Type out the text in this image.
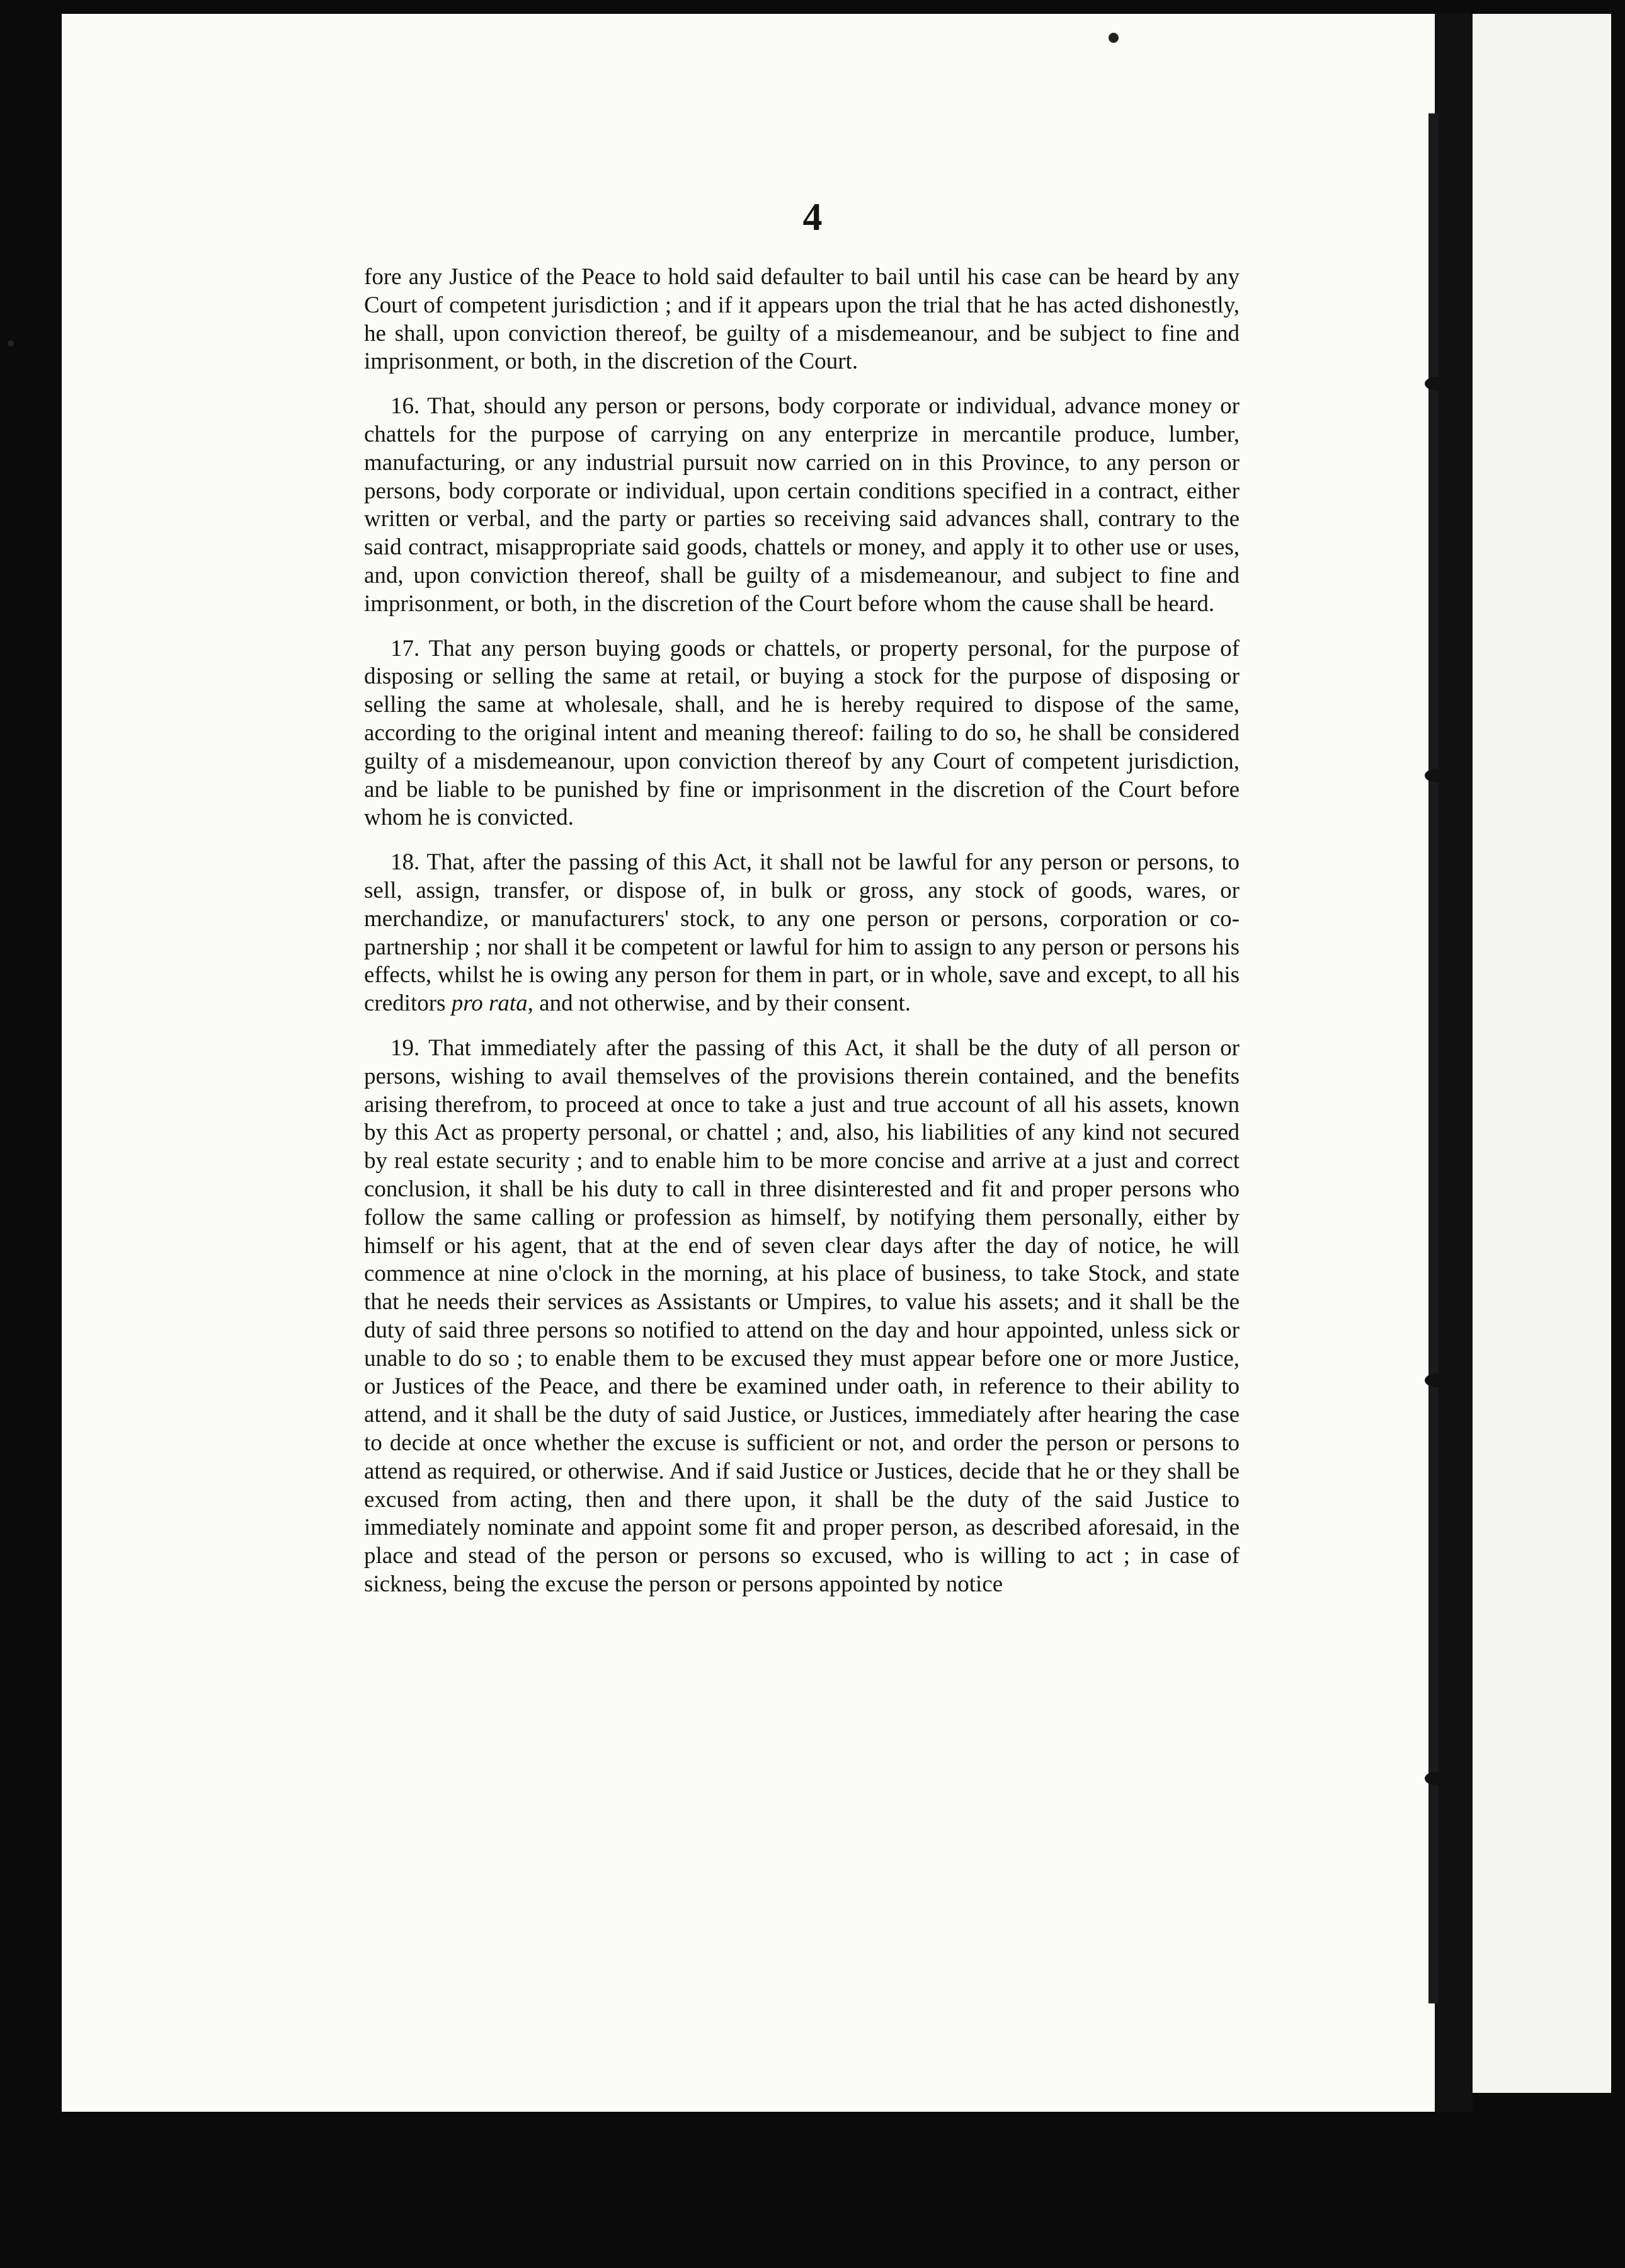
4

fore any Justice of the Peace to hold said defaulter to bail until his case can be heard by any Court of competent jurisdiction ; and if it appears upon the trial that he has acted dishonestly, he shall, upon conviction thereof, be guilty of a misdemeanour, and be subject to fine and imprisonment, or both, in the discretion of the Court.

16. That, should any person or persons, body corporate or individual, advance money or chattels for the purpose of carrying on any enterprize in mercantile produce, lumber, manufacturing, or any industrial pursuit now carried on in this Province, to any person or persons, body corporate or individual, upon certain conditions specified in a contract, either written or verbal, and the party or parties so receiving said advances shall, contrary to the said contract, misappropriate said goods, chattels or money, and apply it to other use or uses, and, upon conviction thereof, shall be guilty of a misdemeanour, and subject to fine and imprisonment, or both, in the discretion of the Court before whom the cause shall be heard.

17. That any person buying goods or chattels, or property personal, for the purpose of disposing or selling the same at retail, or buying a stock for the purpose of disposing or selling the same at wholesale, shall, and he is hereby required to dispose of the same, according to the original intent and meaning thereof: failing to do so, he shall be considered guilty of a misdemeanour, upon conviction thereof by any Court of competent jurisdiction, and be liable to be punished by fine or imprisonment in the discretion of the Court before whom he is convicted.

18. That, after the passing of this Act, it shall not be lawful for any person or persons, to sell, assign, transfer, or dispose of, in bulk or gross, any stock of goods, wares, or merchandize, or manufacturers' stock, to any one person or persons, corporation or co-partnership ; nor shall it be competent or lawful for him to assign to any person or persons his effects, whilst he is owing any person for them in part, or in whole, save and except, to all his creditors pro rata, and not otherwise, and by their consent.

19. That immediately after the passing of this Act, it shall be the duty of all person or persons, wishing to avail themselves of the provisions therein contained, and the benefits arising therefrom, to proceed at once to take a just and true account of all his assets, known by this Act as property personal, or chattel ; and, also, his liabilities of any kind not secured by real estate security ; and to enable him to be more concise and arrive at a just and correct conclusion, it shall be his duty to call in three disinterested and fit and proper persons who follow the same calling or profession as himself, by notifying them personally, either by himself or his agent, that at the end of seven clear days after the day of notice, he will commence at nine o'clock in the morning, at his place of business, to take Stock, and state that he needs their services as Assistants or Umpires, to value his assets; and it shall be the duty of said three persons so notified to attend on the day and hour appointed, unless sick or unable to do so ; to enable them to be excused they must appear before one or more Justice, or Justices of the Peace, and there be examined under oath, in reference to their ability to attend, and it shall be the duty of said Justice, or Justices, immediately after hearing the case to decide at once whether the excuse is sufficient or not, and order the person or persons to attend as required, or otherwise. And if said Justice or Justices, decide that he or they shall be excused from acting, then and there upon, it shall be the duty of the said Justice to immediately nominate and appoint some fit and proper person, as described aforesaid, in the place and stead of the person or persons so excused, who is willing to act ; in case of sickness, being the excuse the person or persons appointed by notice
